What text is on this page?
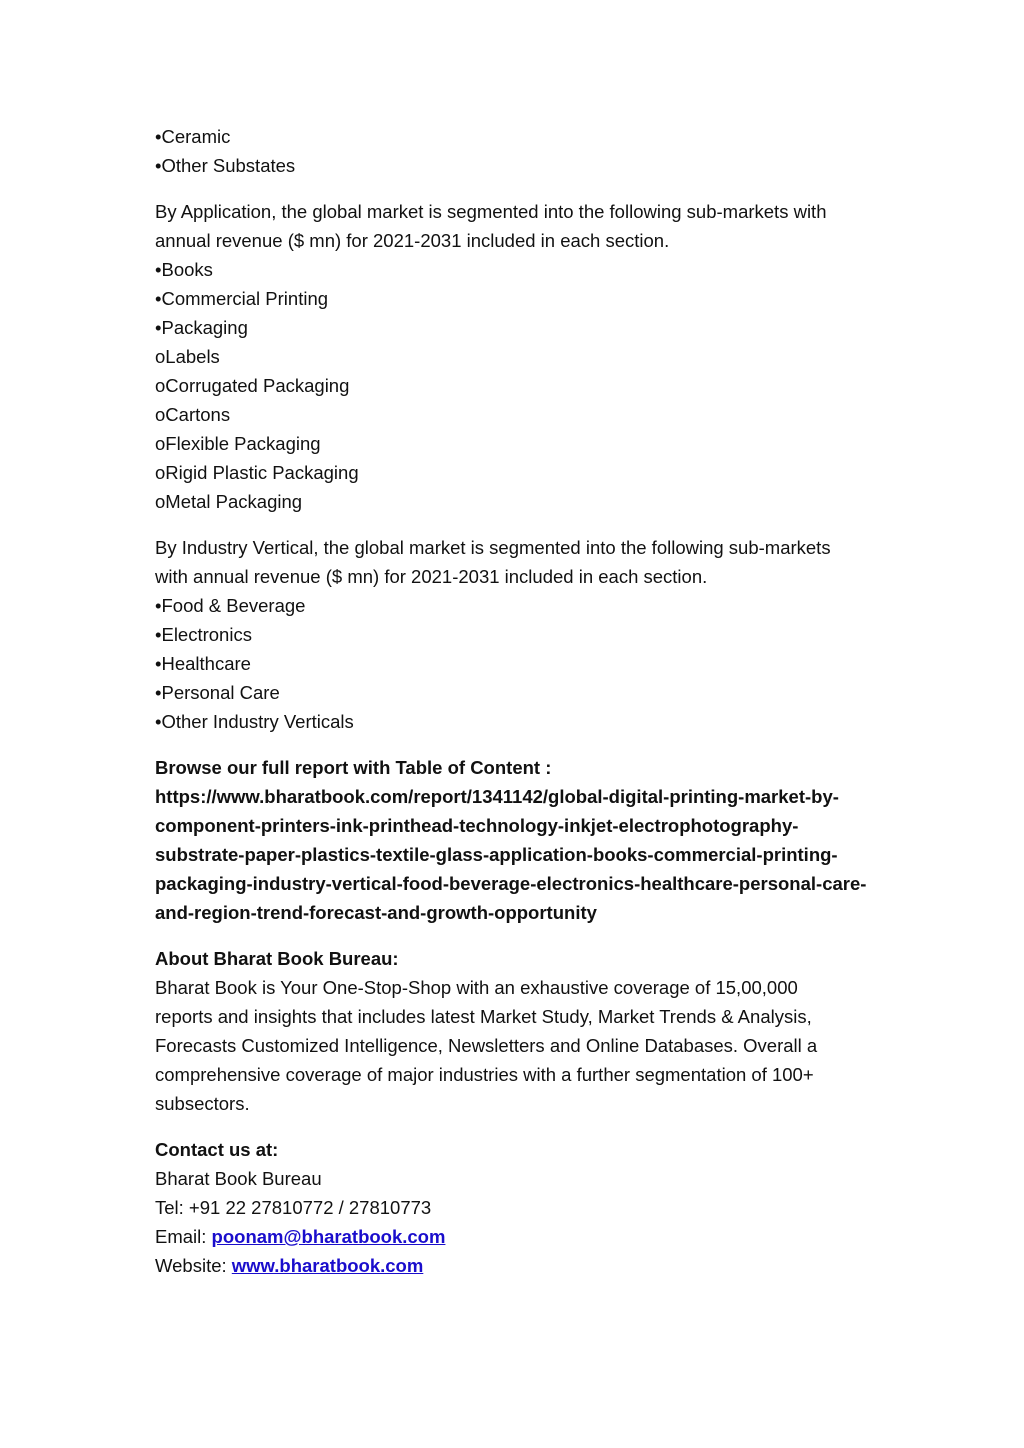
•Ceramic
•Other Substates
By Application, the global market is segmented into the following sub-markets with
annual revenue ($ mn) for 2021-2031 included in each section.
•Books
•Commercial Printing
•Packaging
oLabels
oCorrugated Packaging
oCartons
oFlexible Packaging
oRigid Plastic Packaging
oMetal Packaging
By Industry Vertical, the global market is segmented into the following sub-markets
with annual revenue ($ mn) for 2021-2031 included in each section.
•Food & Beverage
•Electronics
•Healthcare
•Personal Care
•Other Industry Verticals
Browse our full report with Table of Content :
https://www.bharatbook.com/report/1341142/global-digital-printing-market-by-
component-printers-ink-printhead-technology-inkjet-electrophotography-
substrate-paper-plastics-textile-glass-application-books-commercial-printing-
packaging-industry-vertical-food-beverage-electronics-healthcare-personal-care-
and-region-trend-forecast-and-growth-opportunity
About Bharat Book Bureau:
Bharat Book is Your One-Stop-Shop with an exhaustive coverage of 15,00,000
reports and insights that includes latest Market Study, Market Trends & Analysis,
Forecasts Customized Intelligence, Newsletters and Online Databases. Overall a
comprehensive coverage of major industries with a further segmentation of 100+
subsectors.
Contact us at:
Bharat Book Bureau
Tel: +91 22 27810772 / 27810773
Email: poonam@bharatbook.com
Website: www.bharatbook.com
